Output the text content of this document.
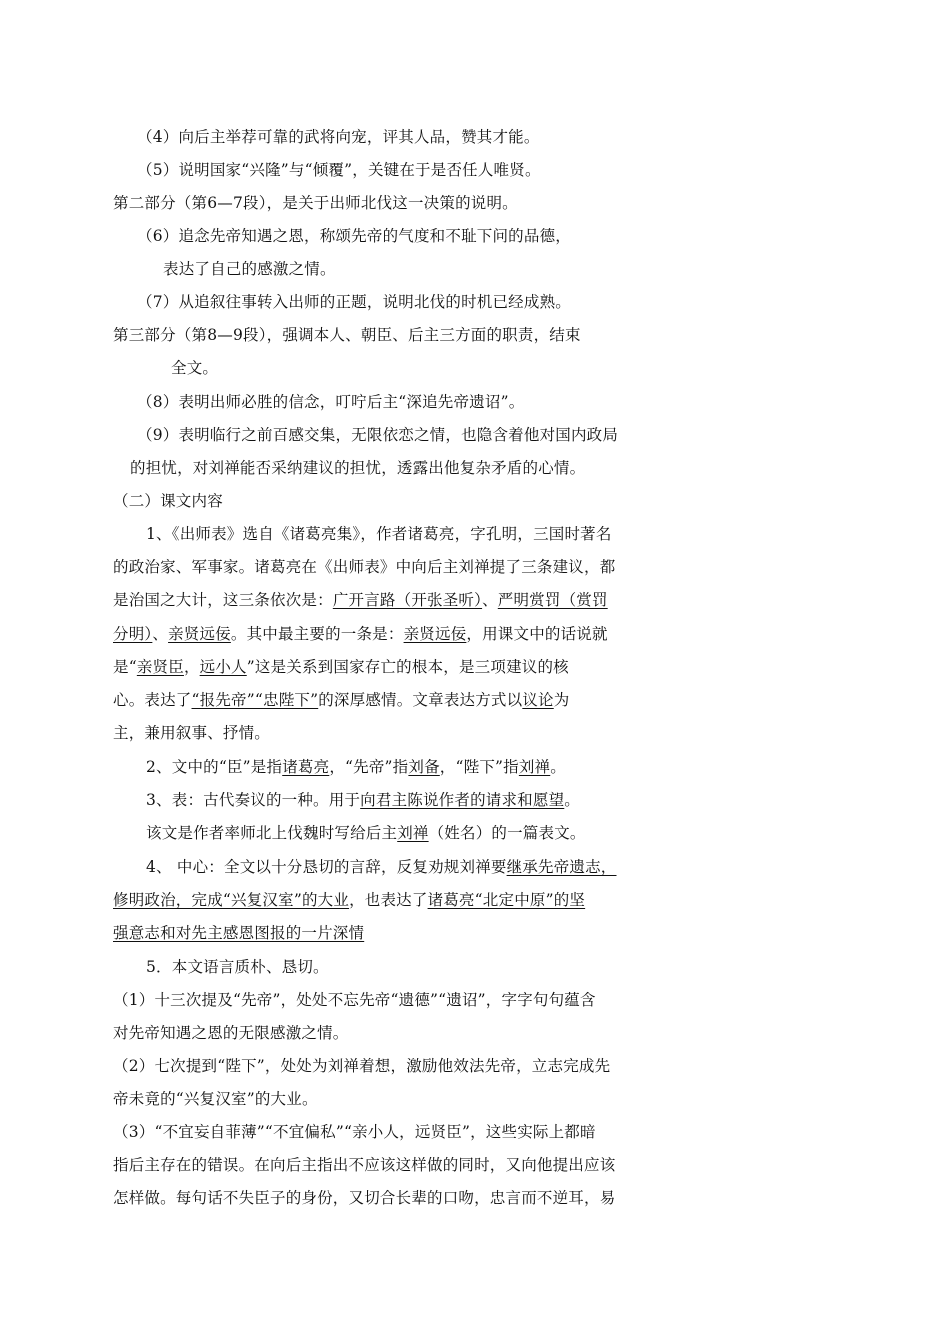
（4）向后主举荐可靠的武将向宠，评其人品，赞其才能。
（5）说明国家“兴隆”与“倾覆”，关键在于是否任人唯贤。
第二部分（第6—7段），是关于出师北伐这一决策的说明。
（6）追念先帝知遇之恩，称颂先帝的气度和不耻下问的品德，
表达了自己的感激之情。
（7）从追叙往事转入出师的正题，说明北伐的时机已经成熟。
第三部分（第8—9段），强调本人、朝臣、后主三方面的职责，结束
全文。
（8）表明出师必胜的信念，叮咛后主“深追先帝遗诏”。
（9）表明临行之前百感交集，无限依恋之情，也隐含着他对国内政局
的担忧，对刘禅能否采纳建议的担忧，透露出他复杂矛盾的心情。
（二）课文内容
1、《出师表》选自《诸葛亮集》，作者诸葛亮，字孔明，三国时著名
的政治家、军事家。诸葛亮在《出师表》中向后主刘禅提了三条建议，都
是治国之大计，这三条依次是：广开言路（开张圣听）、严明赏罚（赏罚
分明）、亲贤远佞。其中最主要的一条是：亲贤远佞，用课文中的话说就
是“亲贤臣，远小人”这是关系到国家存亡的根本，是三项建议的核
心。表达了“报先帝”“忠陛下”的深厚感情。文章表达方式以议论为
主，兼用叙事、抒情。
2、文中的“臣”是指诸葛亮，“先帝”指刘备，“陛下”指刘禅。
3、表：古代奏议的一种。用于向君主陈说作者的请求和愿望。
该文是作者率师北上伐魏时写给后主刘禅（姓名）的一篇表文。
4、 中心：全文以十分恳切的言辞，反复劝规刘禅要继承先帝遗志，
修明政治，完成“兴复汉室”的大业，也表达了诸葛亮“北定中原”的坚
强意志和对先主感恩图报的一片深情
5．本文语言质朴、恳切。
（1）十三次提及“先帝”，处处不忘先帝“遗德”“遗诏”，字字句句蕴含
对先帝知遇之恩的无限感激之情。
（2）七次提到“陛下”，处处为刘禅着想，激励他效法先帝，立志完成先
帝未竟的“兴复汉室”的大业。
（3）“不宜妄自菲薄”“不宜偏私”“亲小人，远贤臣”，这些实际上都暗
指后主存在的错误。在向后主指出不应该这样做的同时，又向他提出应该
怎样做。每句话不失臣子的身份，又切合长辈的口吻，忠言而不逆耳，易
